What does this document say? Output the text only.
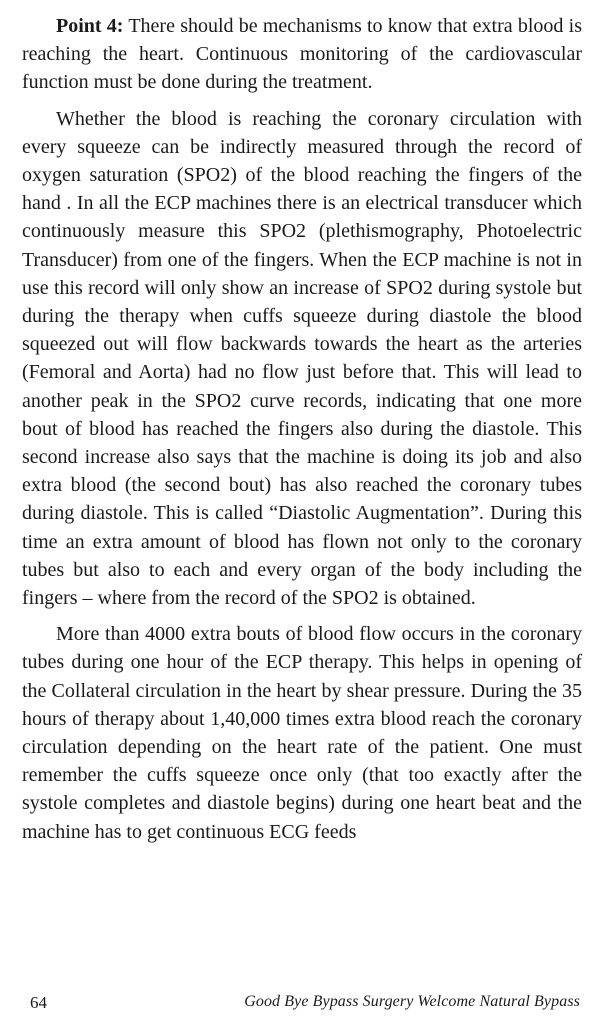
Point 4: There should be mechanisms to know that extra blood is reaching the heart. Continuous monitoring of the cardiovascular function must be done during the treatment.

Whether the blood is reaching the coronary circulation with every squeeze can be indirectly measured through the record of oxygen saturation (SPO2) of the blood reaching the fingers of the hand . In all the ECP machines there is an electrical transducer which continuously measure this SPO2 (plethismography, Photoelectric Transducer) from one of the fingers. When the ECP machine is not in use this record will only show an increase of SPO2 during systole but during the therapy when cuffs squeeze during diastole the blood squeezed out will flow backwards towards the heart as the arteries (Femoral and Aorta) had no flow just before that. This will lead to another peak in the SPO2 curve records, indicating that one more bout of blood has reached the fingers also during the diastole. This second increase also says that the machine is doing its job and also extra blood (the second bout) has also reached the coronary tubes during diastole. This is called “Diastolic Augmentation”. During this time an extra amount of blood has flown not only to the coronary tubes but also to each and every organ of the body including the fingers – where from the record of the SPO2 is obtained.

More than 4000 extra bouts of blood flow occurs in the coronary tubes during one hour of the ECP therapy. This helps in opening of the Collateral circulation in the heart by shear pressure. During the 35 hours of therapy about 1,40,000 times extra blood reach the coronary circulation depending on the heart rate of the patient. One must remember the cuffs squeeze once only (that too exactly after the systole completes and diastole begins) during one heart beat and the machine has to get continuous ECG feeds

64	Good Bye Bypass Surgery Welcome Natural Bypass
